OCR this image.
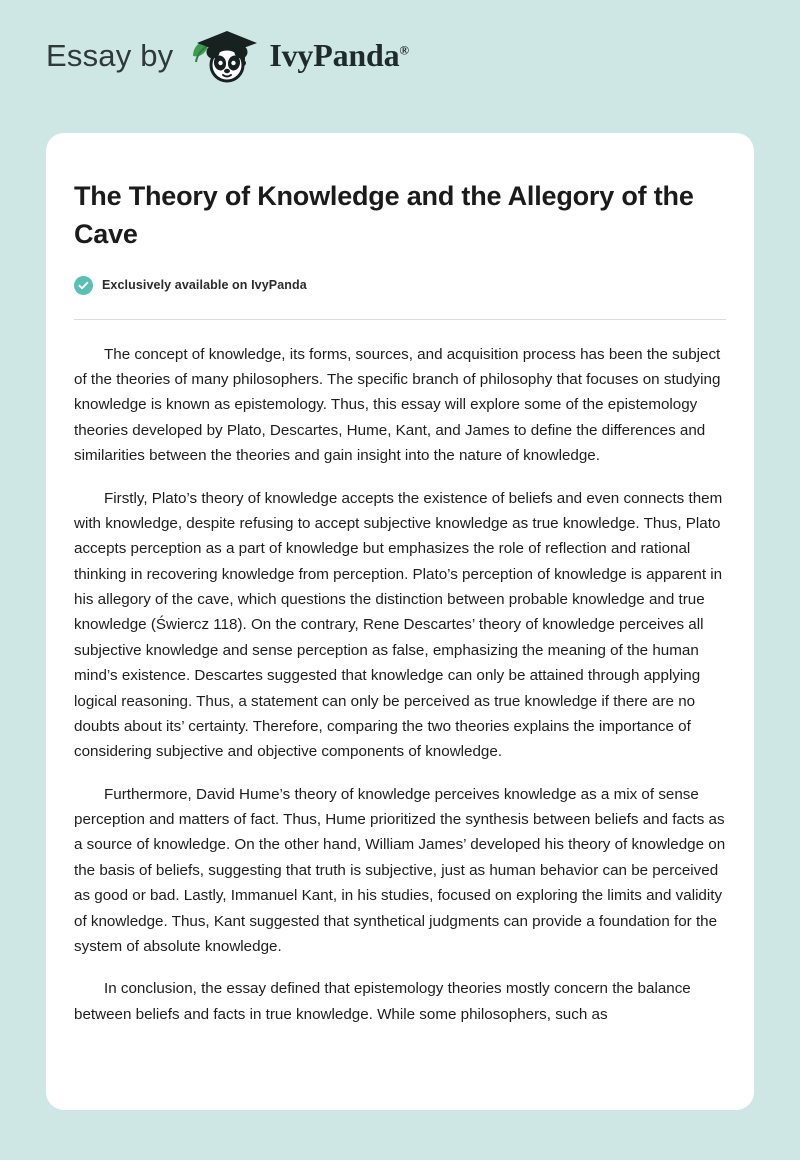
Essay by	IvyPanda®
The Theory of Knowledge and the Allegory of the Cave
Exclusively available on IvyPanda

The concept of knowledge, its forms, sources, and acquisition process has been the subject of the theories of many philosophers. The specific branch of philosophy that focuses on studying knowledge is known as epistemology. Thus, this essay will explore some of the epistemology theories developed by Plato, Descartes, Hume, Kant, and James to define the differences and similarities between the theories and gain insight into the nature of knowledge.

Firstly, Plato’s theory of knowledge accepts the existence of beliefs and even connects them with knowledge, despite refusing to accept subjective knowledge as true knowledge. Thus, Plato accepts perception as a part of knowledge but emphasizes the role of reflection and rational thinking in recovering knowledge from perception. Plato’s perception of knowledge is apparent in his allegory of the cave, which questions the distinction between probable knowledge and true knowledge (Świercz 118). On the contrary, Rene Descartes’ theory of knowledge perceives all subjective knowledge and sense perception as false, emphasizing the meaning of the human mind’s existence. Descartes suggested that knowledge can only be attained through applying logical reasoning. Thus, a statement can only be perceived as true knowledge if there are no doubts about its’ certainty. Therefore, comparing the two theories explains the importance of considering subjective and objective components of knowledge.

Furthermore, David Hume’s theory of knowledge perceives knowledge as a mix of sense perception and matters of fact. Thus, Hume prioritized the synthesis between beliefs and facts as a source of knowledge. On the other hand, William James’ developed his theory of knowledge on the basis of beliefs, suggesting that truth is subjective, just as human behavior can be perceived as good or bad. Lastly, Immanuel Kant, in his studies, focused on exploring the limits and validity of knowledge. Thus, Kant suggested that synthetical judgments can provide a foundation for the system of absolute knowledge.

In conclusion, the essay defined that epistemology theories mostly concern the balance between beliefs and facts in true knowledge. While some philosophers, such as
